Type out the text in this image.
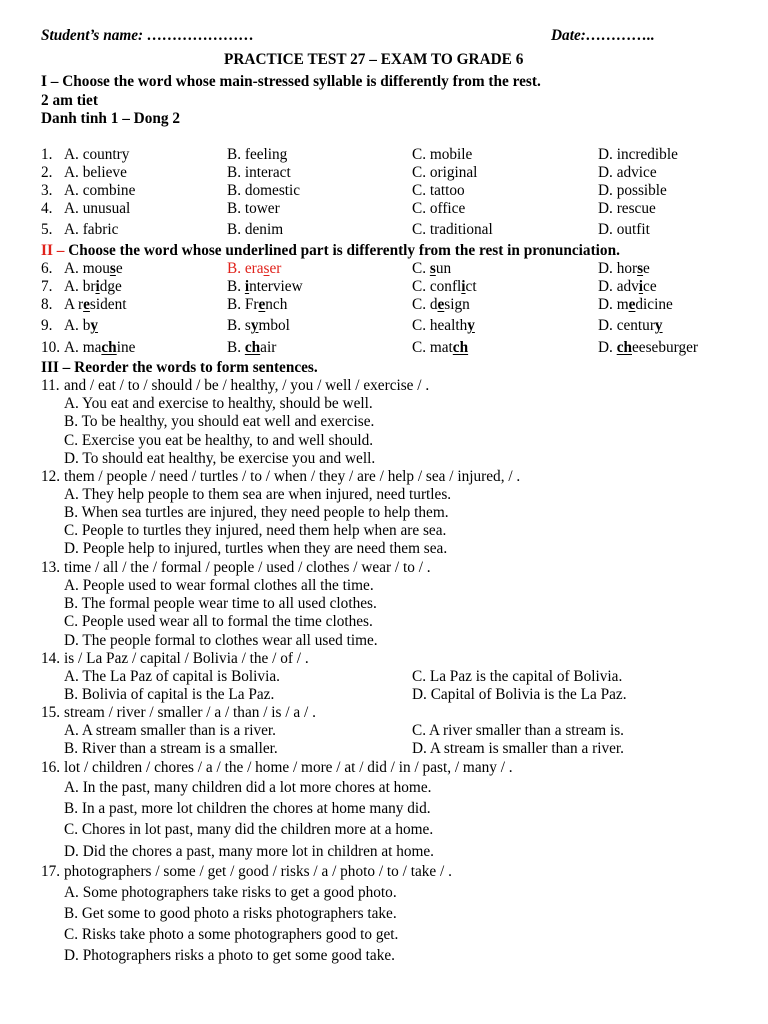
Student’s name: …………………	Date:…………..
PRACTICE TEST 27 – EXAM TO GRADE 6
I – Choose the word whose main-stressed syllable is differently from the rest.
2 am tiet
Danh tinh 1 – Dong 2
1. A. country	B. feeling	C. mobile	D. incredible
2. A. believe	B. interact	C. original	D. advice
3. A. combine	B. domestic	C. tattoo	D. possible
4. A. unusual	B. tower	C. office	D. rescue
5. A. fabric	B. denim	C. traditional	D. outfit
II – Choose the word whose underlined part is differently from the rest in pronunciation.
6. A. mouse	B. eraser	C. sun	D. horse
7. A. bridge	B. interview	C. conflict	D. advice
8. A resident	B. French	C. design	D. medicine
9. A. by	B. symbol	C. healthy	D. century
10. A. machine	B. chair	C. match	D. cheeseburger
III – Reorder the words to form sentences.
11. and / eat / to / should / be / healthy, / you / well / exercise / .
A. You eat and exercise to healthy, should be well.
B. To be healthy, you should eat well and exercise.
C. Exercise you eat be healthy, to and well should.
D. To should eat healthy, be exercise you and well.
12. them / people / need / turtles / to / when / they / are / help / sea / injured, / .
A. They help people to them sea are when injured, need turtles.
B. When sea turtles are injured, they need people to help them.
C. People to turtles they injured, need them help when are sea.
D. People help to injured, turtles when they are need them sea.
13. time / all / the / formal / people / used / clothes / wear / to / .
A. People used to wear formal clothes all the time.
B. The formal people wear time to all used clothes.
C. People used wear all to formal the time clothes.
D. The people formal to clothes wear all used time.
14. is / La Paz / capital / Bolivia / the / of / .
A. The La Paz of capital is Bolivia.	C. La Paz is the capital of Bolivia.
B. Bolivia of capital is the La Paz.	D. Capital of Bolivia is the La Paz.
15. stream / river / smaller / a / than / is / a / .
A. A stream smaller than is a river.	C. A river smaller than a stream is.
B. River than a stream is a smaller.	D. A stream is smaller than a river.
16. lot / children / chores / a / the / home / more / at / did / in / past, / many / .
A. In the past, many children did a lot more chores at home.
B. In a past, more lot children the chores at home many did.
C. Chores in lot past, many did the children more at a home.
D. Did the chores a past, many more lot in children at home.
17. photographers / some / get / good / risks / a / photo / to / take / .
A. Some photographers take risks to get a good photo.
B. Get some to good photo a risks photographers take.
C. Risks take photo a some photographers good to get.
D. Photographers risks a photo to get some good take.
